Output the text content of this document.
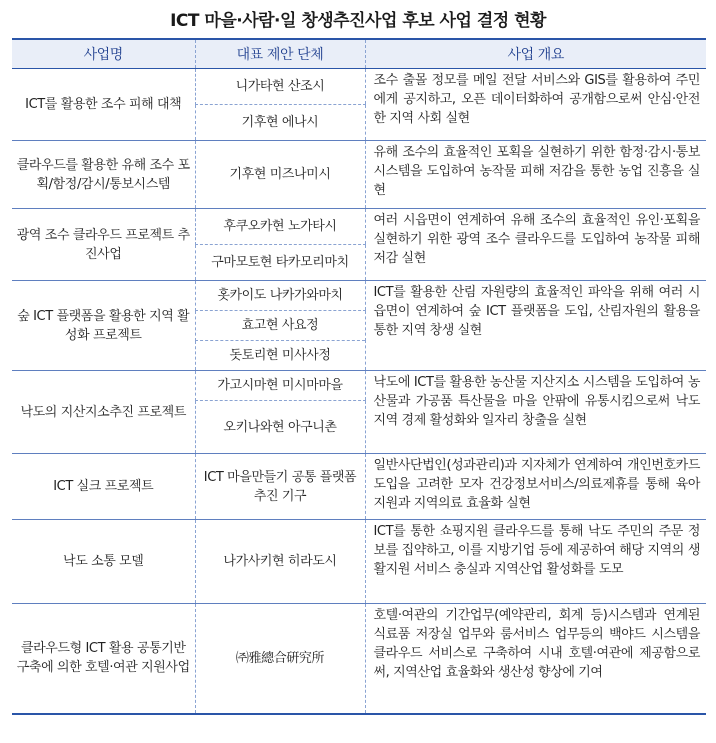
ICT 마을·사람·일 창생추진사업 후보 사업 결정 현황
사업명	대표 제안 단체	사업 개요
ICT를 활용한 조수 피해 대책	니가타현 산조시	조수 출몰 정모를 메일 전달 서비스와 GIS를 활용하여 주민에게 공지하고, 오픈 데이터화하여 공개함으로써 안심·안전한 지역 사회 실현
	기후현 에나시	
클라우드를 활용한 유해 조수 포획/함정/감시/통보시스템	기후현 미즈나미시	유해 조수의 효율적인 포획을 실현하기 위한 함정·감시·통보 시스템을 도입하여 농작물 피해 저감을 통한 농업 진흥을 실현
광역 조수 클라우드 프로젝트 추진사업	후쿠오카현 노가타시	여러 시읍면이 연계하여 유해 조수의 효율적인 유인·포획을 실현하기 위한 광역 조수 클라우드를 도입하여 농작물 피해 저감 실현
	구마모토현 타카모리마치	
숲 ICT 플랫폼을 활용한 지역 활성화 프로젝트	홋카이도 나카가와마치	ICT를 활용한 산림 자원량의 효율적인 파악을 위해 여러 시읍면이 연계하여 숲 ICT 플랫폼을 도입, 산림자원의 활용을 통한 지역 창생 실현
	효고현 사요정	
	돗토리현 미사사정	
낙도의 지산지소추진 프로젝트	가고시마현 미시마마을	낙도에 ICT를 활용한 농산물 지산지소 시스템을 도입하여 농산물과 가공품 특산물을 마을 안팎에 유통시킴으로써 낙도 지역 경제 활성화와 일자리 창출을 실현
	오키나와현 아구니촌	
ICT 실크 프로젝트	ICT 마을만들기 공통 플랫폼 추진 기구	일반사단법인(성과관리)과 지자체가 연계하여 개인번호카드 도입을 고려한 모자 건강정보서비스/의료제휴를 통해 육아지원과 지역의료 효율화 실현
낙도 소통 모델	나가사키현 히라도시	ICT를 통한 쇼핑지원 클라우드를 통해 낙도 주민의 주문 정보를 집약하고, 이를 지방기업 등에 제공하여 해당 지역의 생활지원 서비스 충실과 지역산업 활성화를 도모
클라우드형 ICT 활용 공통기반 구축에 의한 호텔·여관 지원사업	㈜雅總合硏究所	호텔·여관의 기간업무(예약관리, 회계 등)시스템과 연계된 식료품 저장실 업무와 룸서비스 업무등의 백야드 시스템을 클라우드 서비스로 구축하여 시내 호텔·여관에 제공함으로써, 지역산업 효율화와 생산성 향상에 기여
